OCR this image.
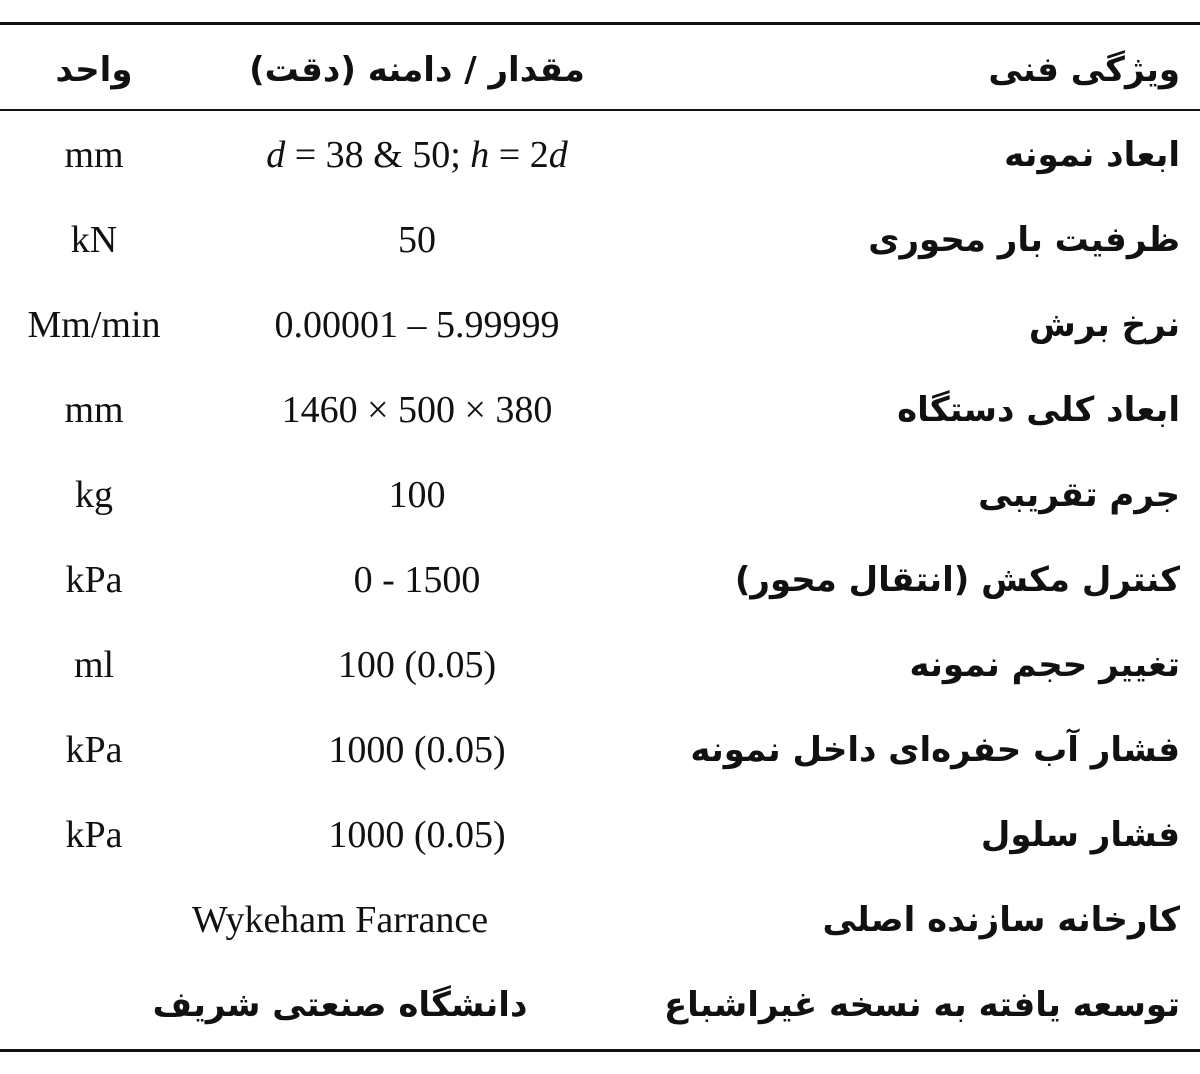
ویژگی فنی
مقدار / دامنه (دقت)
واحد
ابعاد نمونه
d = 38 & 50; h = 2d
mm
ظرفیت بار محوری
50
kN
نرخ برش
0.00001 – 5.99999
Mm/min
ابعاد کلی دستگاه
1460 × 500 × 380
mm
جرم تقریبی
100
kg
کنترل مکش (انتقال محور)
0 - 1500
kPa
تغییر حجم نمونه
100 (0.05)
ml
فشار آب حفره‌ای داخل نمونه
1000 (0.05)
kPa
فشار سلول
1000 (0.05)
kPa
کارخانه سازنده اصلی
Wykeham Farrance
توسعه یافته به نسخه غیراشباع
دانشگاه صنعتی شریف
